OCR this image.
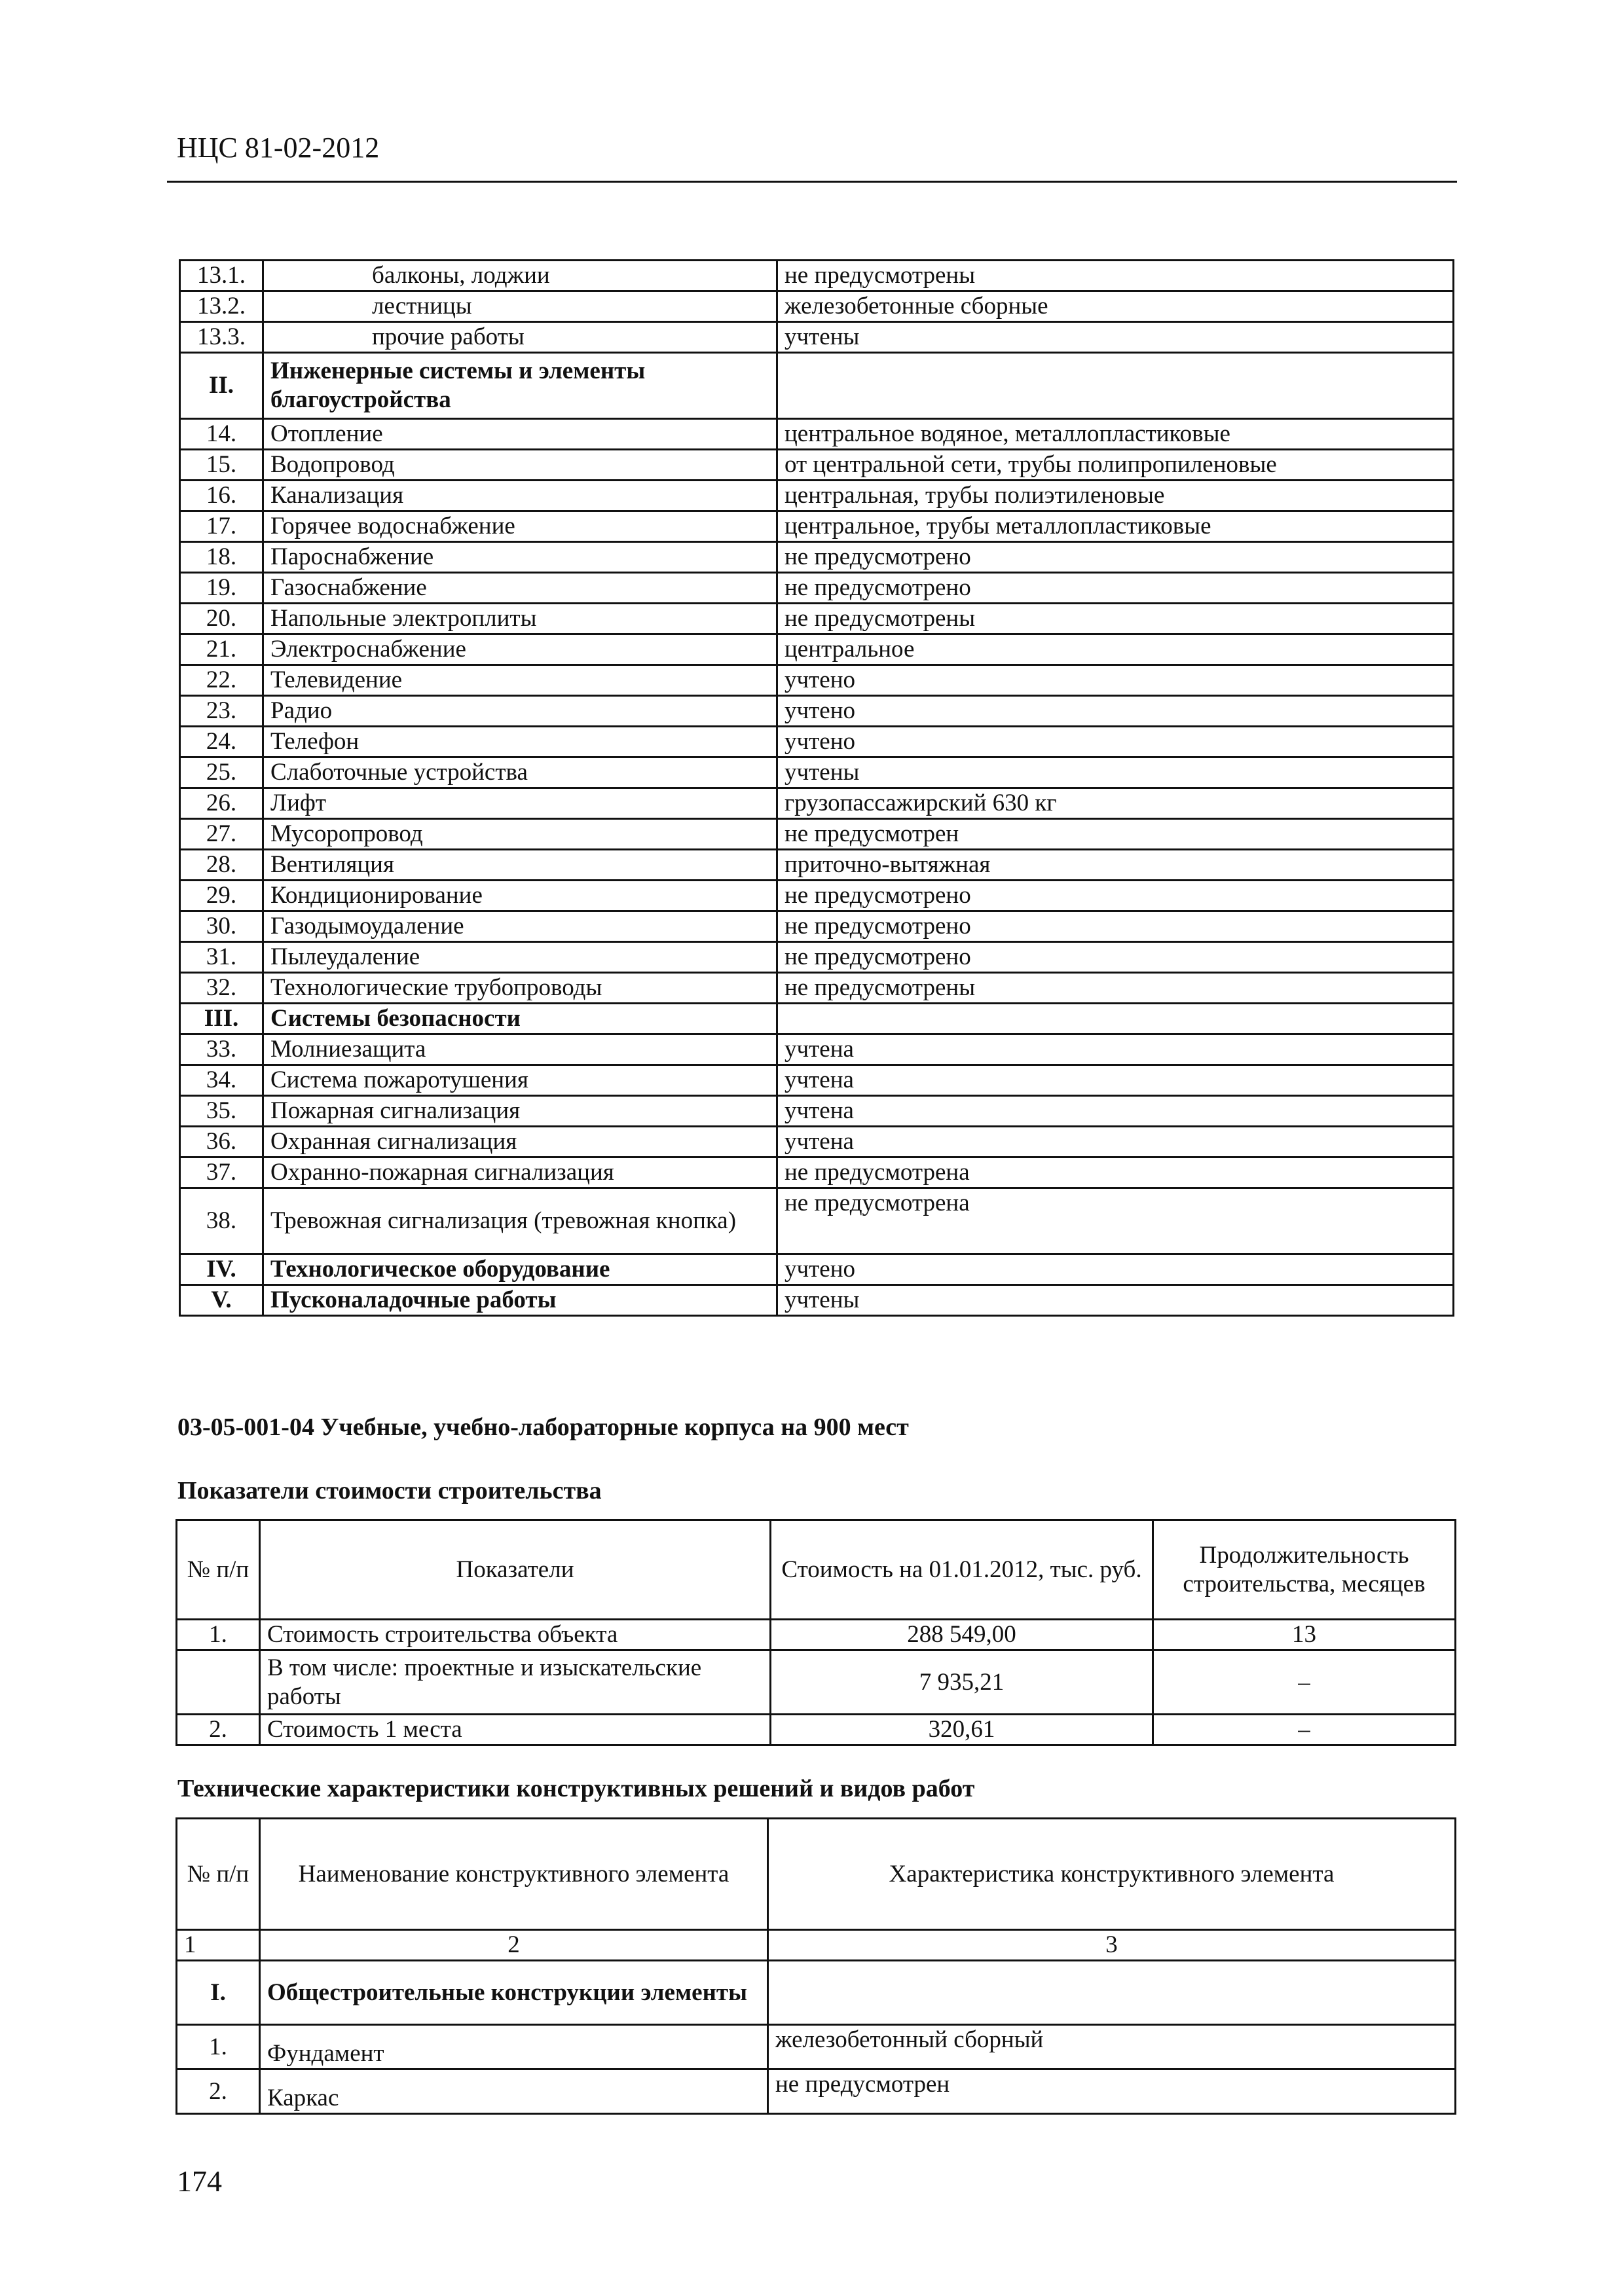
НЦС 81-02-2012
13.1.	балконы, лоджии	не предусмотрены
13.2.	лестницы	железобетонные сборные
13.3.	прочие работы	учтены
II.	Инженерные системы и элементы благоустройства	
14.	Отопление	центральное водяное, металлопластиковые
15.	Водопровод	от центральной сети, трубы полипропиленовые
16.	Канализация	центральная, трубы полиэтиленовые
17.	Горячее водоснабжение	центральное, трубы металлопластиковые
18.	Пароснабжение	не предусмотрено
19.	Газоснабжение	не предусмотрено
20.	Напольные электроплиты	не предусмотрены
21.	Электроснабжение	центральное
22.	Телевидение	учтено
23.	Радио	учтено
24.	Телефон	учтено
25.	Слаботочные устройства	учтены
26.	Лифт	грузопассажирский 630 кг
27.	Мусоропровод	не предусмотрен
28.	Вентиляция	приточно-вытяжная
29.	Кондиционирование	не предусмотрено
30.	Газодымоудаление	не предусмотрено
31.	Пылеудаление	не предусмотрено
32.	Технологические трубопроводы	не предусмотрены
III.	Системы безопасности	
33.	Молниезащита	учтена
34.	Система пожаротушения	учтена
35.	Пожарная сигнализация	учтена
36.	Охранная сигнализация	учтена
37.	Охранно-пожарная сигнализация	не предусмотрена
38.	Тревожная сигнализация (тревожная кнопка)	не предусмотрена
IV.	Технологическое оборудование	учтено
V.	Пусконаладочные работы	учтены
03-05-001-04 Учебные, учебно-лабораторные корпуса на 900 мест
Показатели стоимости строительства
№ п/п	Показатели	Стоимость на 01.01.2012, тыс. руб.	Продолжительность строительства, месяцев
1.	Стоимость строительства объекта	288 549,00	13
	В том числе: проектные и изыскательские работы	7 935,21	–
2.	Стоимость 1 места	320,61	–
Технические характеристики конструктивных решений и видов работ
№ п/п	Наименование конструктивного элемента	Характеристика конструктивного элемента
1	2	3
I.	Общестроительные конструкции элементы	
1.	Фундамент	железобетонный сборный
2.	Каркас	не предусмотрен
174
